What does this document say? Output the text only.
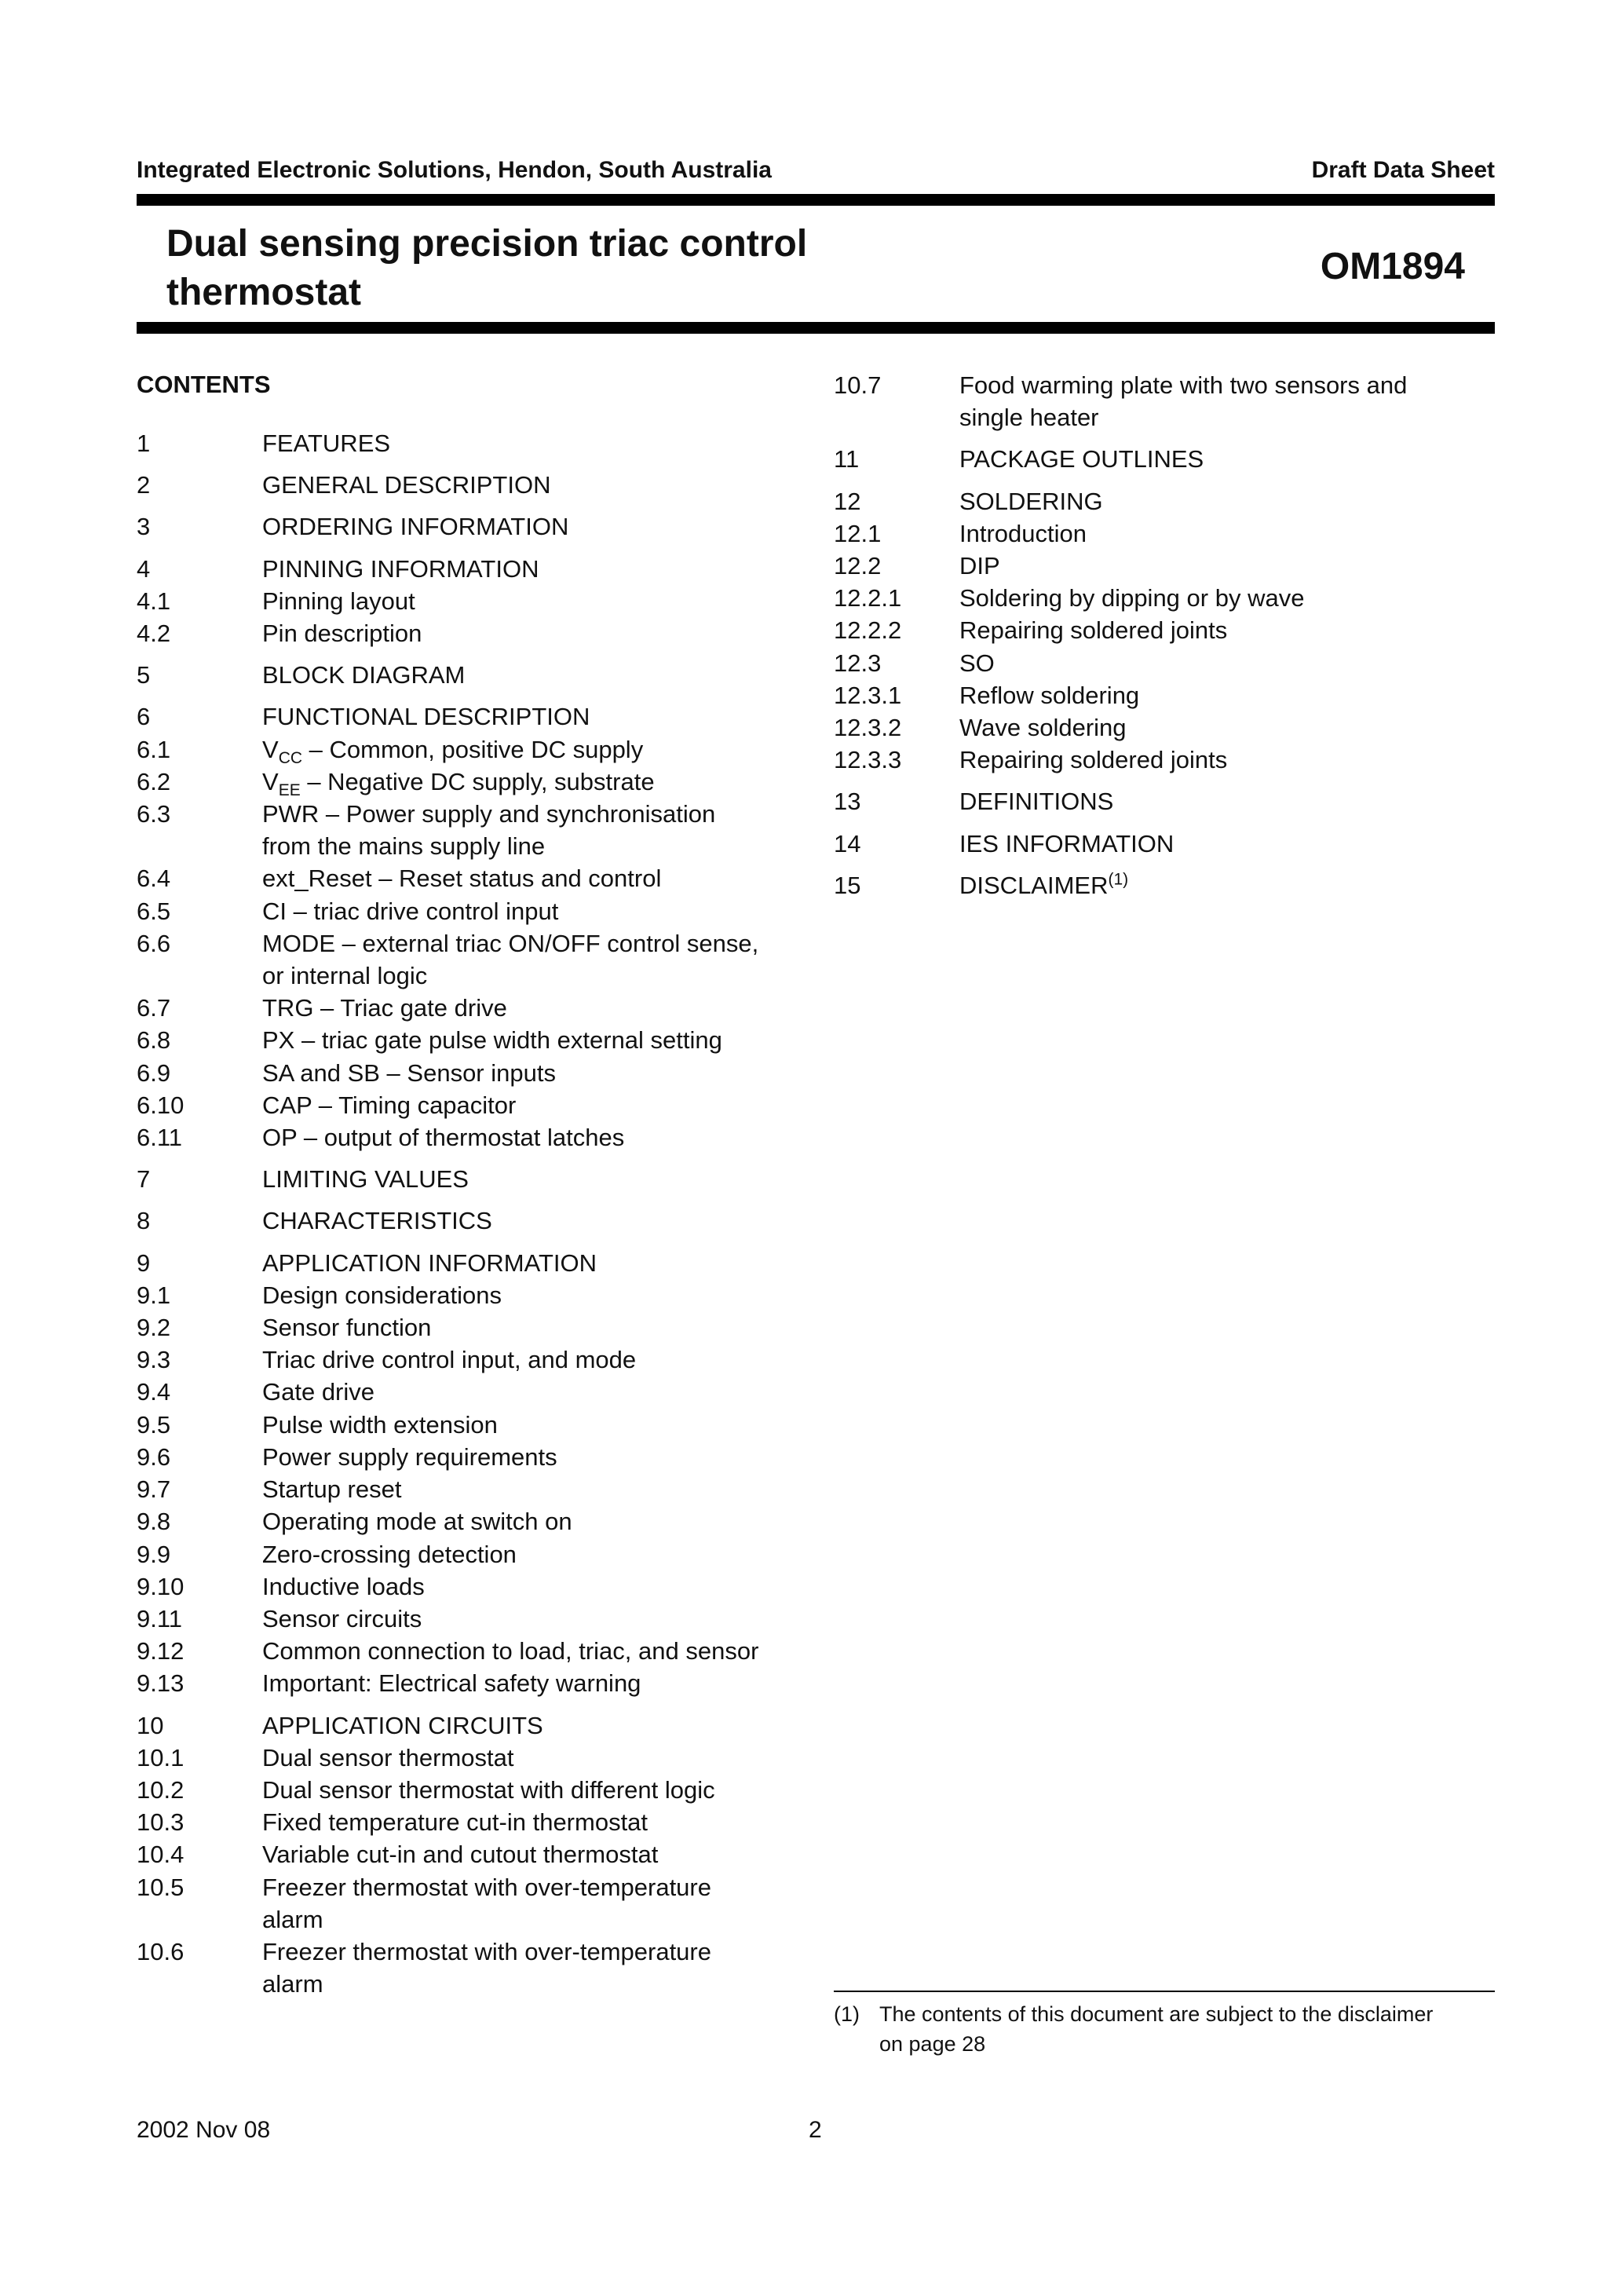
Integrated Electronic Solutions, Hendon, South Australia	Draft Data Sheet
Dual sensing precision triac control
thermostat
OM1894
CONTENTS
1	FEATURES
2	GENERAL DESCRIPTION
3	ORDERING INFORMATION
4	PINNING INFORMATION
4.1	Pinning layout
4.2	Pin description
5	BLOCK DIAGRAM
6	FUNCTIONAL DESCRIPTION
6.1	$V_{CC}$ – Common, positive DC supply
6.2	$V_{EE}$ – Negative DC supply, substrate
6.3	PWR – Power supply and synchronisation
from the mains supply line
6.4	ext_Reset – Reset status and control
6.5	CI – triac drive control input
6.6	MODE – external triac ON/OFF control sense,
or internal logic
6.7	TRG – Triac gate drive
6.8	PX – triac gate pulse width external setting
6.9	SA and SB – Sensor inputs
6.10	CAP – Timing capacitor
6.11	OP – output of thermostat latches
7	LIMITING VALUES
8	CHARACTERISTICS
9	APPLICATION INFORMATION
9.1	Design considerations
9.2	Sensor function
9.3	Triac drive control input, and mode
9.4	Gate drive
9.5	Pulse width extension
9.6	Power supply requirements
9.7	Startup reset
9.8	Operating mode at switch on
9.9	Zero-crossing detection
9.10	Inductive loads
9.11	Sensor circuits
9.12	Common connection to load, triac, and sensor
9.13	Important: Electrical safety warning
10	APPLICATION CIRCUITS
10.1	Dual sensor thermostat
10.2	Dual sensor thermostat with different logic
10.3	Fixed temperature cut-in thermostat
10.4	Variable cut-in and cutout thermostat
10.5	Freezer thermostat with over-temperature
alarm
10.6	Freezer thermostat with over-temperature
alarm
10.7	Food warming plate with two sensors and
single heater
11	PACKAGE OUTLINES
12	SOLDERING
12.1	Introduction
12.2	DIP
12.2.1	Soldering by dipping or by wave
12.2.2	Repairing soldered joints
12.3	SO
12.3.1	Reflow soldering
12.3.2	Wave soldering
12.3.3	Repairing soldered joints
13	DEFINITIONS
14	IES INFORMATION
15	DISCLAIMER$^{(1)}$
(1) The contents of this document are subject to the disclaimer
on page 28
2002 Nov 08	2
